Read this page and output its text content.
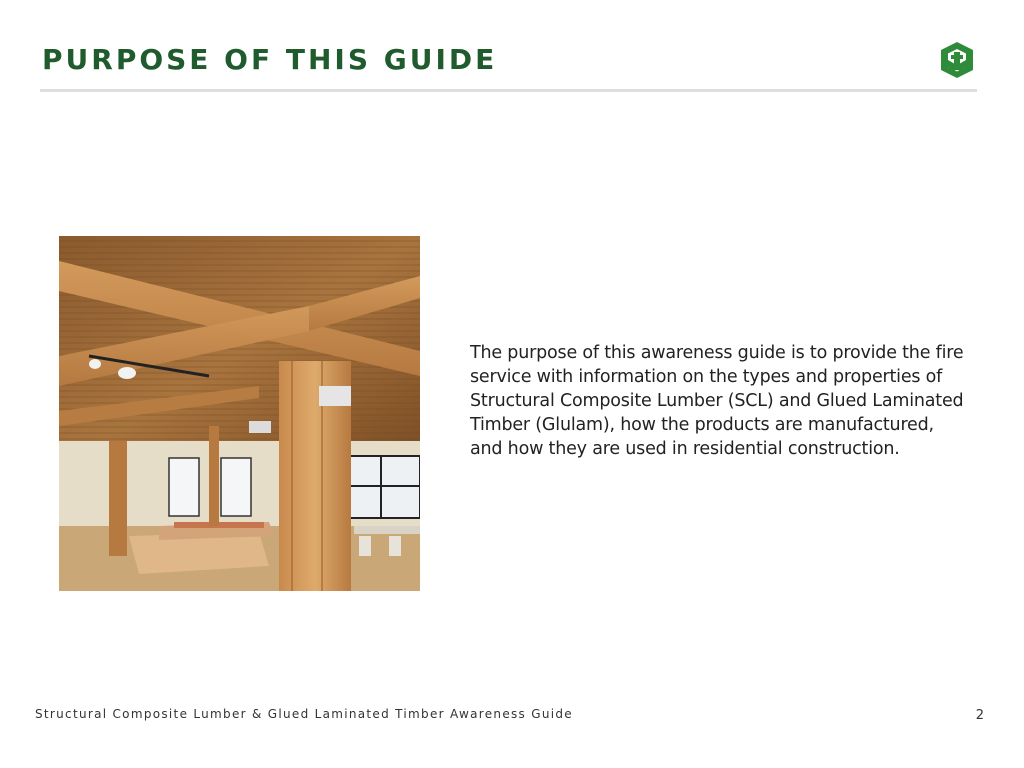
PURPOSE OF THIS GUIDE

The purpose of this awareness guide is to provide the fire service with information on the types and properties of Structural Composite Lumber (SCL) and Glued Laminated Timber (Glulam), how the products are manufactured, and how they are used in residential construction.

Structural Composite Lumber & Glued Laminated Timber Awareness Guide	2
